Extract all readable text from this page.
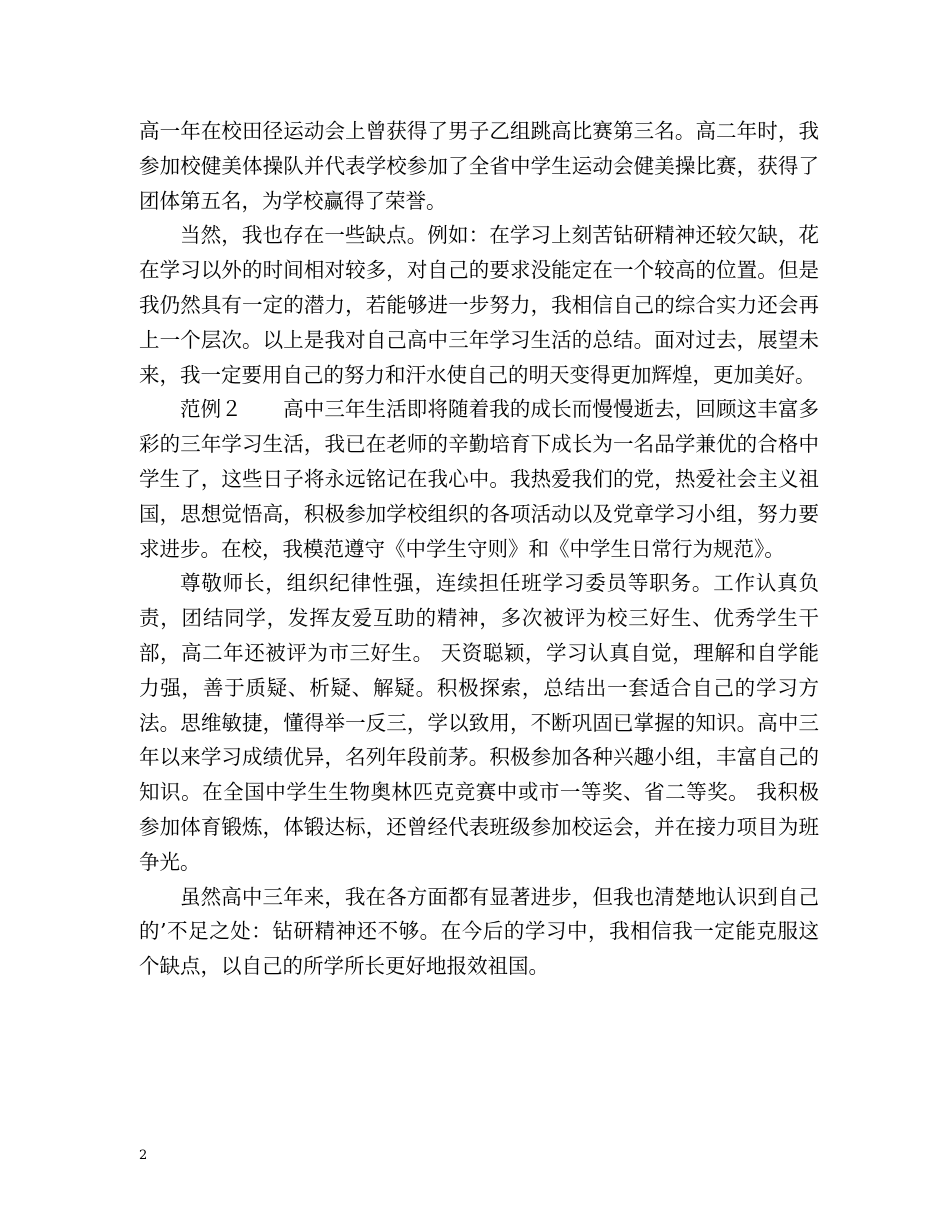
高一年在校田径运动会上曾获得了男子乙组跳高比赛第三名。高二年时，我参加校健美体操队并代表学校参加了全省中学生运动会健美操比赛，获得了团体第五名，为学校赢得了荣誉。

当然，我也存在一些缺点。例如：在学习上刻苦钻研精神还较欠缺，花在学习以外的时间相对较多，对自己的要求没能定在一个较高的位置。但是我仍然具有一定的潜力，若能够进一步努力，我相信自己的综合实力还会再上一个层次。以上是我对自己高中三年学习生活的总结。面对过去，展望未来，我一定要用自己的努力和汗水使自己的明天变得更加辉煌，更加美好。

范例２　　高中三年生活即将随着我的成长而慢慢逝去，回顾这丰富多彩的三年学习生活，我已在老师的辛勤培育下成长为一名品学兼优的合格中学生了，这些日子将永远铭记在我心中。我热爱我们的党，热爱社会主义祖国，思想觉悟高，积极参加学校组织的各项活动以及党章学习小组，努力要求进步。在校，我模范遵守《中学生守则》和《中学生日常行为规范》。

尊敬师长，组织纪律性强，连续担任班学习委员等职务。工作认真负责，团结同学，发挥友爱互助的精神，多次被评为校三好生、优秀学生干部，高二年还被评为市三好生。 天资聪颖，学习认真自觉，理解和自学能力强，善于质疑、析疑、解疑。积极探索，总结出一套适合自己的学习方法。思维敏捷，懂得举一反三，学以致用，不断巩固已掌握的知识。高中三年以来学习成绩优异，名列年段前茅。积极参加各种兴趣小组，丰富自己的知识。在全国中学生生物奥林匹克竞赛中或市一等奖、省二等奖。 我积极参加体育锻炼，体锻达标，还曾经代表班级参加校运会，并在接力项目为班争光。

虽然高中三年来，我在各方面都有显著进步，但我也清楚地认识到自己的’不足之处：钻研精神还不够。在今后的学习中，我相信我一定能克服这个缺点，以自己的所学所长更好地报效祖国。

2
